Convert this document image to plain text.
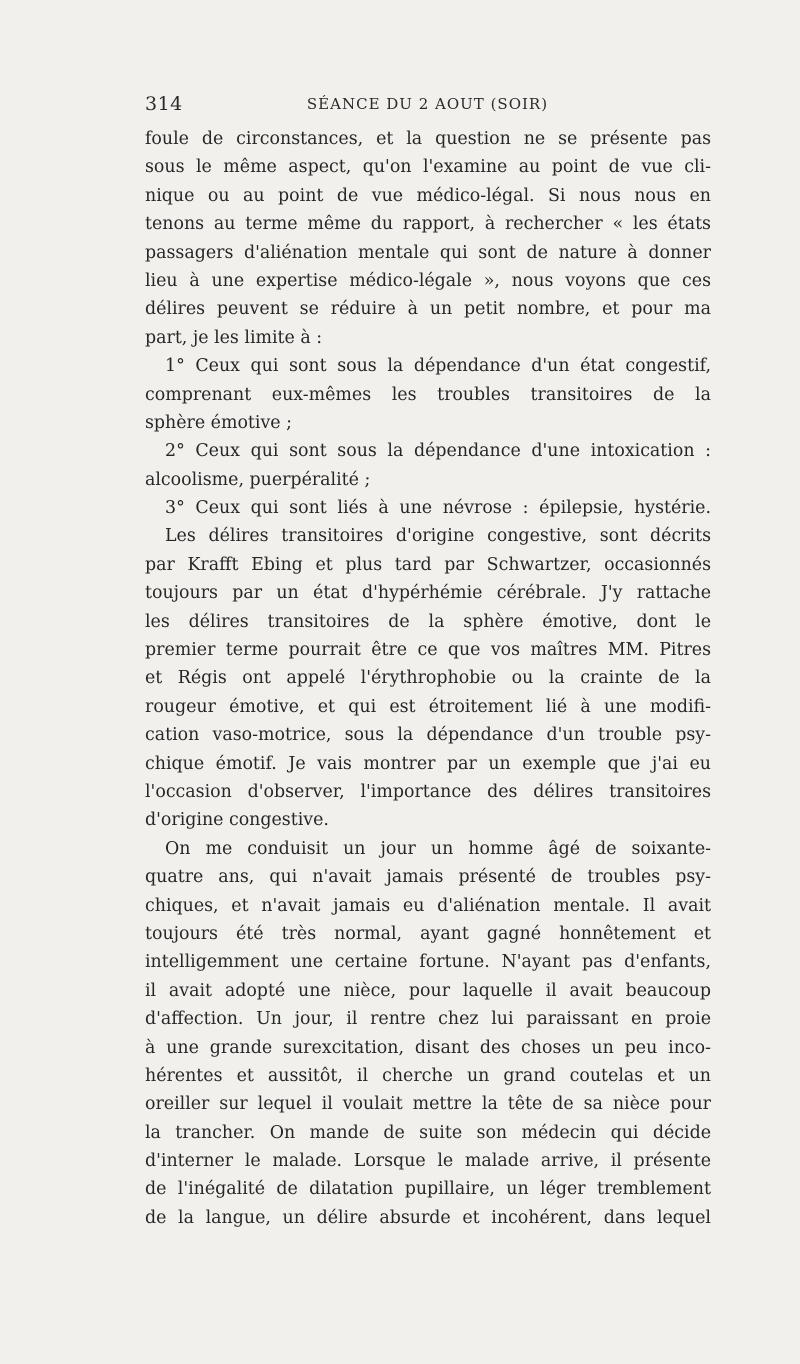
314	SÉANCE DU 2 AOUT (SOIR)
foule de circonstances, et la question ne se présente pas
sous le même aspect, qu'on l'examine au point de vue cli-
nique ou au point de vue médico-légal. Si nous nous en
tenons au terme même du rapport, à rechercher « les états
passagers d'aliénation mentale qui sont de nature à donner
lieu à une expertise médico-légale », nous voyons que ces
délires peuvent se réduire à un petit nombre, et pour ma
part, je les limite à :
1° Ceux qui sont sous la dépendance d'un état congestif,
comprenant eux-mêmes les troubles transitoires de la
sphère émotive ;
2° Ceux qui sont sous la dépendance d'une intoxication :
alcoolisme, puerpéralité ;
3° Ceux qui sont liés à une névrose : épilepsie, hystérie.
Les délires transitoires d'origine congestive, sont décrits
par Krafft Ebing et plus tard par Schwartzer, occasionnés
toujours par un état d'hypérhémie cérébrale. J'y rattache
les délires transitoires de la sphère émotive, dont le
premier terme pourrait être ce que vos maîtres MM. Pitres
et Régis ont appelé l'érythrophobie ou la crainte de la
rougeur émotive, et qui est étroitement lié à une modifi-
cation vaso-motrice, sous la dépendance d'un trouble psy-
chique émotif. Je vais montrer par un exemple que j'ai eu
l'occasion d'observer, l'importance des délires transitoires
d'origine congestive.
On me conduisit un jour un homme âgé de soixante-
quatre ans, qui n'avait jamais présenté de troubles psy-
chiques, et n'avait jamais eu d'aliénation mentale. Il avait
toujours été très normal, ayant gagné honnêtement et
intelligemment une certaine fortune. N'ayant pas d'enfants,
il avait adopté une nièce, pour laquelle il avait beaucoup
d'affection. Un jour, il rentre chez lui paraissant en proie
à une grande surexcitation, disant des choses un peu inco-
hérentes et aussitôt, il cherche un grand coutelas et un
oreiller sur lequel il voulait mettre la tête de sa nièce pour
la trancher. On mande de suite son médecin qui décide
d'interner le malade. Lorsque le malade arrive, il présente
de l'inégalité de dilatation pupillaire, un léger tremblement
de la langue, un délire absurde et incohérent, dans lequel
